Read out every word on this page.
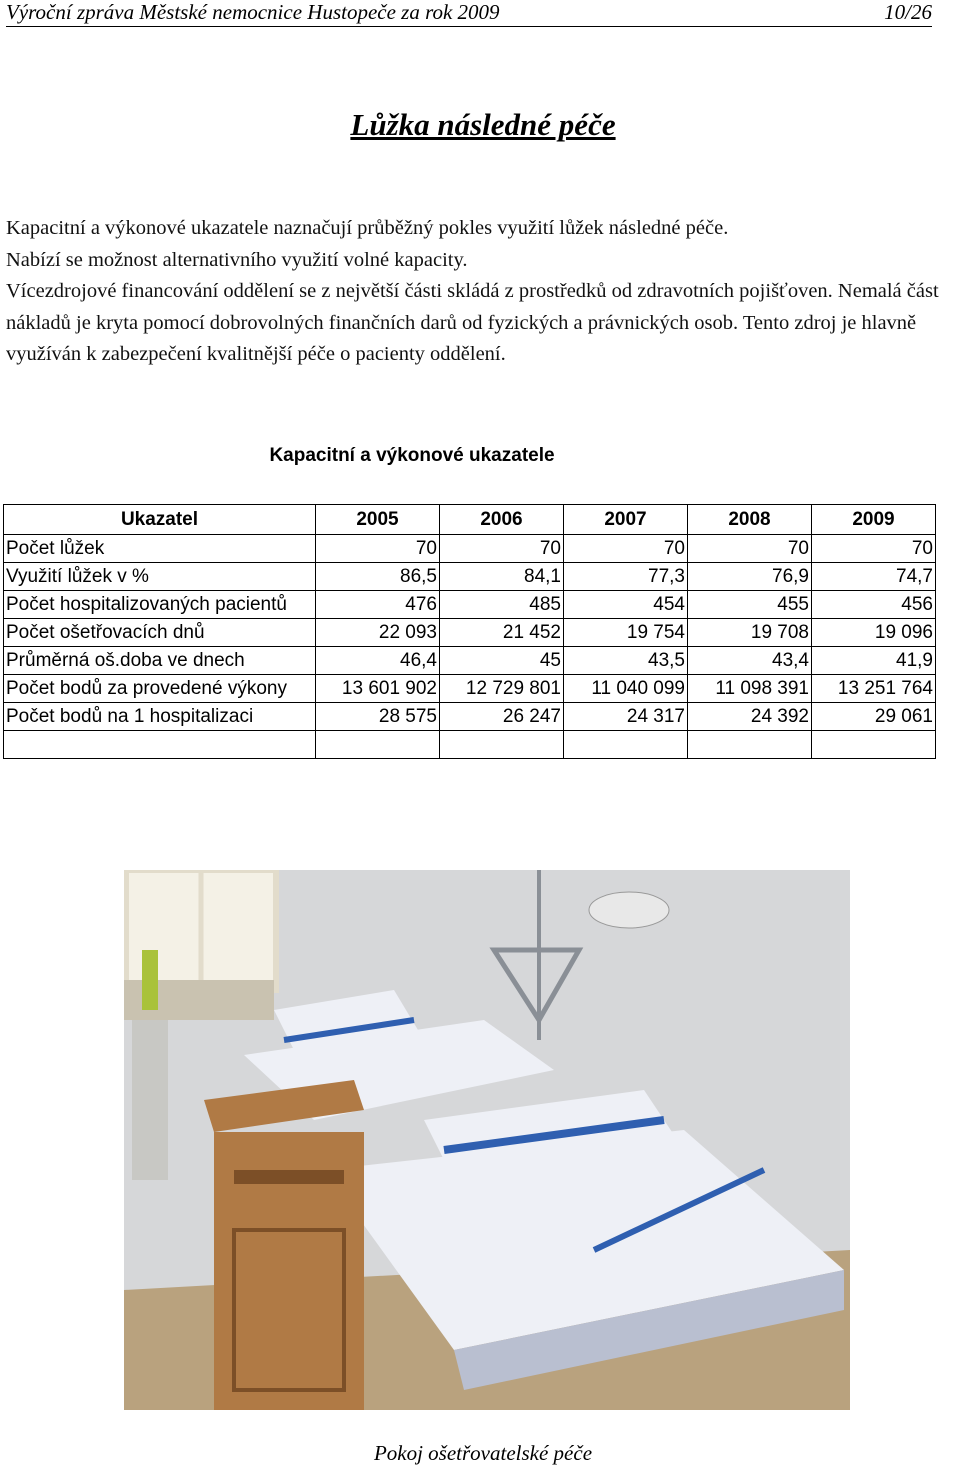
Výroční zpráva Městské nemocnice Hustopeče za rok 2009	10/26
Lůžka následné péče

Kapacitní a výkonové ukazatele naznačují průběžný pokles využití lůžek následné péče.

Nabízí se možnost alternativního využití volné kapacity.

Vícezdrojové financování oddělení se z největší části skládá z prostředků od zdravotních pojišťoven. Nemalá část nákladů je kryta pomocí dobrovolných finančních darů od fyzických a právnických osob. Tento zdroj je hlavně využíván k zabezpečení kvalitnější péče o pacienty oddělení.

Kapacitní a výkonové ukazatele
Ukazatel	2005	2006	2007	2008	2009
Počet lůžek	70	70	70	70	70
Využití lůžek v %	86,5	84,1	77,3	76,9	74,7
Počet hospitalizovaných pacientů	476	485	454	455	456
Počet ošetřovacích dnů	22 093	21 452	19 754	19 708	19 096
Průměrná oš.doba ve dnech	46,4	45	43,5	43,4	41,9
Počet bodů za provedené výkony	13 601 902	12 729 801	11 040 099	11 098 391	13 251 764
Počet bodů na 1 hospitalizaci	28 575	26 247	24 317	24 392	29 061

Pokoj ošetřovatelské péče
